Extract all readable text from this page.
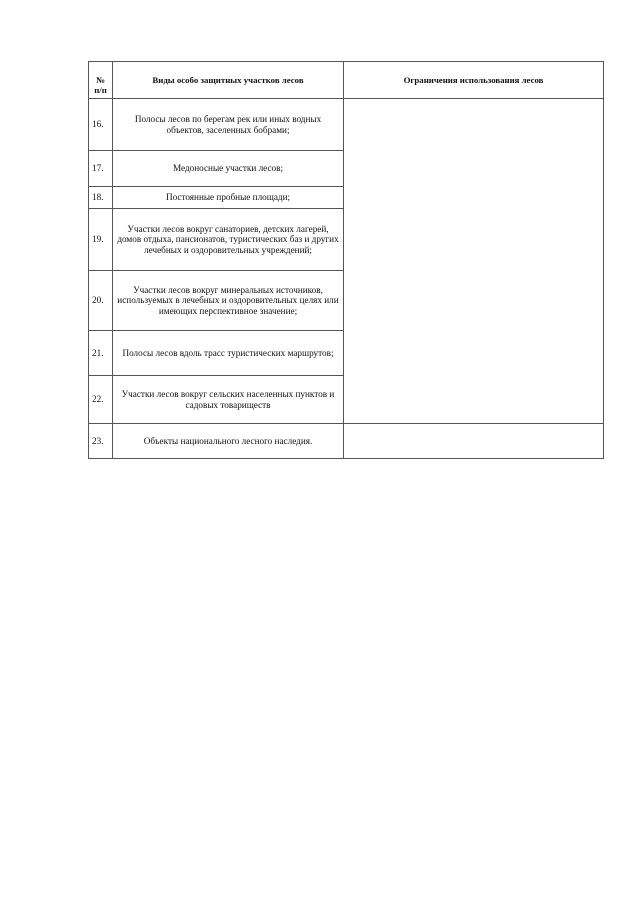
№
п/п	Виды особо защитных участков лесов	Ограничения использования лесов
16.	Полосы лесов по берегам рек или иных водных объектов, заселенных бобрами;	
17.	Медоносные участки лесов;	
18.	Постоянные пробные площади;	
19.	Участки лесов вокруг санаториев, детских лагерей, домов отдыха, пансионатов, туристических баз и других лечебных и оздоровительных учреждений;	
20.	Участки лесов вокруг минеральных источников, используемых в лечебных и оздоровительных целях или имеющих перспективное значение;	
21.	Полосы лесов вдоль трасс туристических маршрутов;	
22.	Участки лесов вокруг сельских населенных пунктов и садовых товариществ	
23.	Объекты национального лесного наследия.	
